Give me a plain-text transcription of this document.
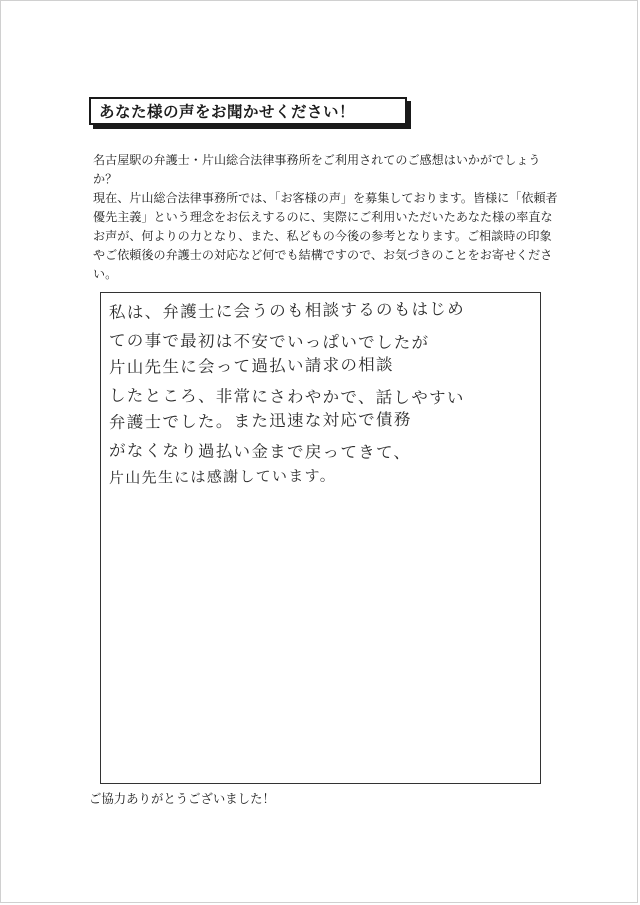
あなた様の声をお聞かせください！

名古屋駅の弁護士・片山総合法律事務所をご利用されてのご感想はいかがでしょうか？

現在、片山総合法律事務所では、「お客様の声」を募集しております。皆様に「依頼者優先主義」という理念をお伝えするのに、実際にご利用いただいたあなた様の率直なお声が、何よりの力となり、また、私どもの今後の参考となります。ご相談時の印象やご依頼後の弁護士の対応など何でも結構ですので、お気づきのことをお寄せください。

私は、弁護士に会うのも相談するのもはじめ
ての事で最初は不安でいっぱいでしたが
片山先生に会って過払い請求の相談
したところ、非常にさわやかで、話しやすい
弁護士でした。また迅速な対応で債務
がなくなり過払い金まで戻ってきて、
片山先生には感謝しています。
ご協力ありがとうございました！
